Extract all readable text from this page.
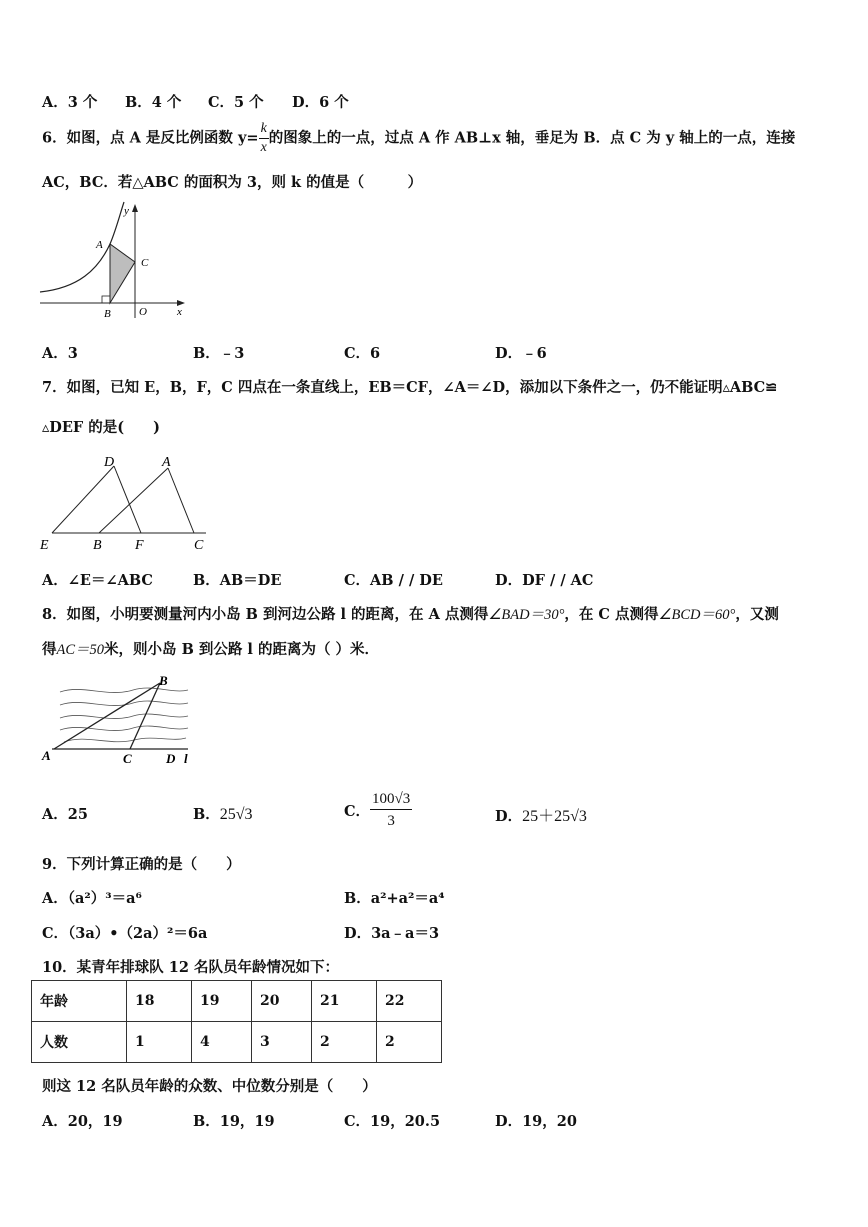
A．3 个 B．4 个 C．5 个 D．6 个
6．如图，点 A 是反比例函数 $y= \frac{k}{x}$ 的图象上的一点，过点 A 作 AB⊥x 轴，垂足为 B．点 C 为 y 轴上的一点，连接
AC，BC．若△ABC 的面积为 3，则 k 的值是（　　　）
y
A
C
B	O	x
A．3	B．﹣3	C．6	D．﹣6
7．如图，已知 E，B，F，C 四点在一条直线上，EB＝CF，∠A＝∠D，添加以下条件之一，仍不能证明▵ABC≌
▵DEF 的是(　　)
D	A
E	B F	C
A．∠E＝∠ABC	B．AB＝DE	C．AB / / DE	D．DF / / AC
8．如图，小明要测量河内小岛 B 到河边公路 l 的距离，在 A 点测得∠BAD＝30°，在 C 点测得∠BCD＝60°，又测
得AC＝50米，则小岛 B 到公路 l 的距离为（ ）米．
B
A	C	D l
A．25	B．25√3	C． $\frac{100√3}{3}$	D．25＋25√3
9．下列计算正确的是（　　）
A．（a²）³＝a⁶	B．a²+a²＝a⁴
C．（3a）•（2a）²＝6a	D．3a﹣a＝3
10．某青年排球队 12 名队员年龄情况如下：
年龄	18	19	20	21	22
人数	1	4	3	2	2
则这 12 名队员年龄的众数、中位数分别是（　　）
A．20，19	B．19，19	C．19，20.5	D．19，20
